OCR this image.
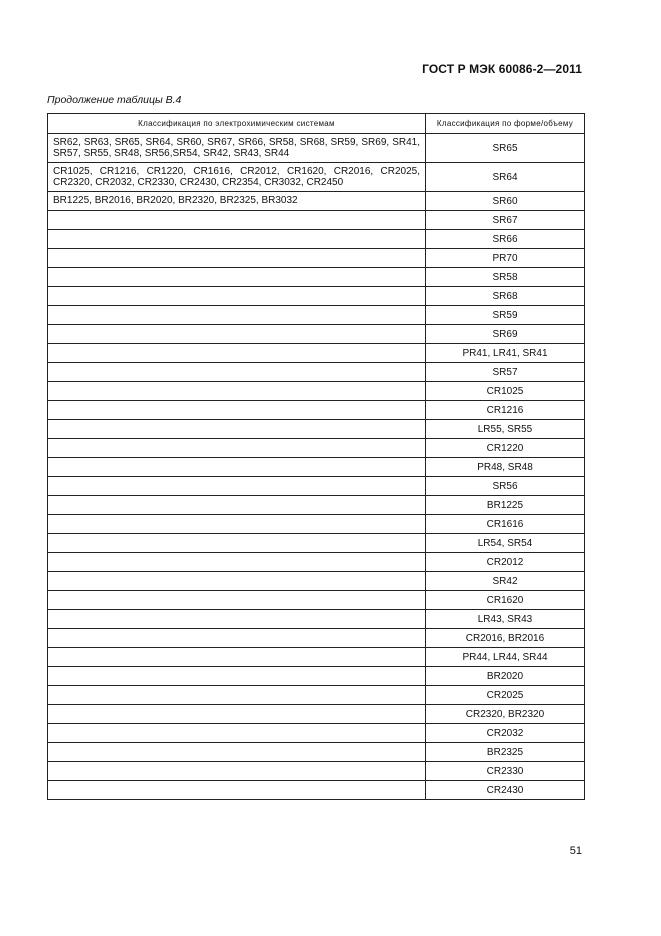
ГОСТ Р МЭК 60086-2—2011
Продолжение таблицы В.4
Классификация по электрохимическим системам	Классификация по форме/объему
SR62, SR63, SR65, SR64, SR60, SR67, SR66, SR58, SR68, SR59, SR69, SR41, SR57, SR55, SR48, SR56,SR54, SR42, SR43, SR44	SR65
CR1025, CR1216, CR1220, CR1616, CR2012, CR1620, CR2016, CR2025, CR2320, CR2032, CR2330, CR2430, CR2354, CR3032, CR2450	SR64
BR1225, BR2016, BR2020, BR2320, BR2325, BR3032	SR60
	SR67
	SR66
	PR70
	SR58
	SR68
	SR59
	SR69
	PR41, LR41, SR41
	SR57
	CR1025
	CR1216
	LR55, SR55
	CR1220
	PR48, SR48
	SR56
	BR1225
	CR1616
	LR54, SR54
	CR2012
	SR42
	CR1620
	LR43, SR43
	CR2016, BR2016
	PR44, LR44, SR44
	BR2020
	CR2025
	CR2320, BR2320
	CR2032
	BR2325
	CR2330
	CR2430
51
